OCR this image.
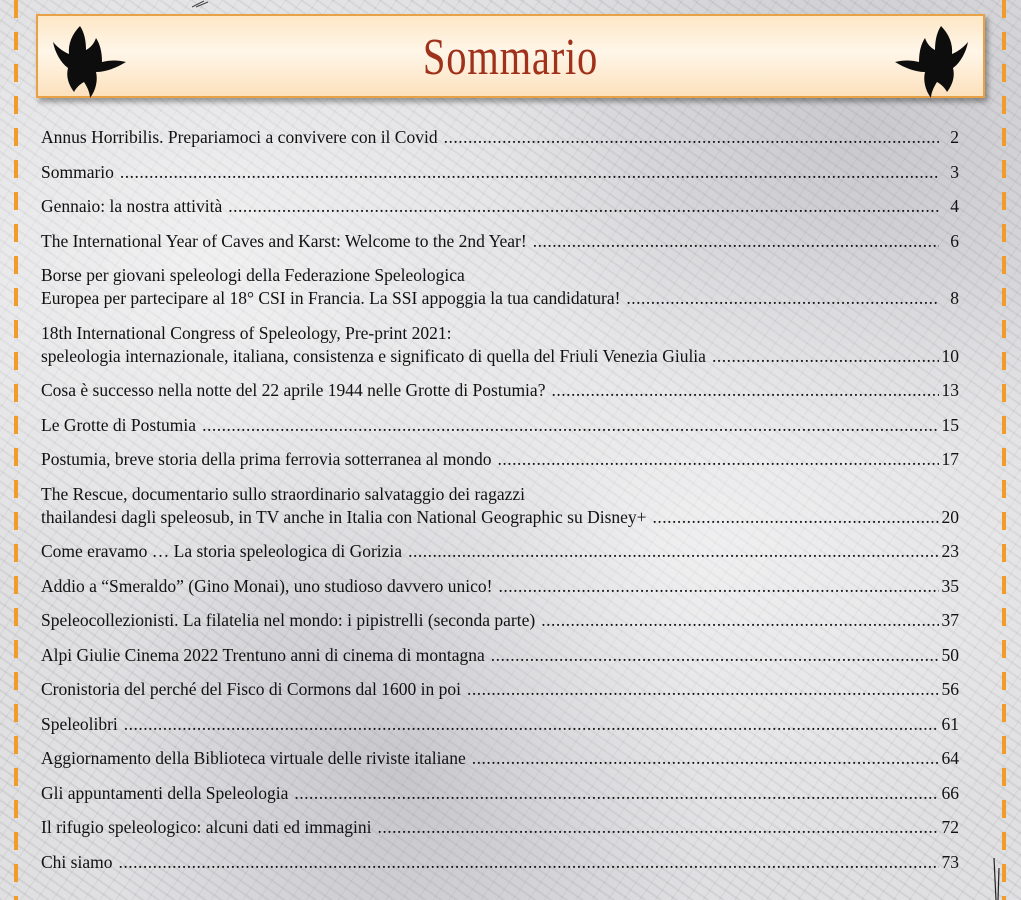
Sommario
Annus Horribilis. Prepariamoci a convivere con il Covid .....	2
Sommario .....	3
Gennaio: la nostra attività .....	4
The International Year of Caves and Karst: Welcome to the 2nd Year! .....	6
Borse per giovani speleologi della Federazione Speleologica
Europea per partecipare al 18° CSI in Francia. La SSI appoggia la tua candidatura! .....	8
18th International Congress of Speleology, Pre-print 2021:
speleologia internazionale, italiana, consistenza e significato di quella del Friuli Venezia Giulia .....	10
Cosa è successo nella notte del 22 aprile 1944 nelle Grotte di Postumia? .....	13
Le Grotte di Postumia .....	15
Postumia, breve storia della prima ferrovia sotterranea al mondo .....	17
The Rescue, documentario sullo straordinario salvataggio dei ragazzi
thailandesi dagli speleosub, in TV anche in Italia con National Geographic su Disney+ .....	20
Come eravamo … La storia speleologica di Gorizia .....	23
Addio a “Smeraldo” (Gino Monai), uno studioso davvero unico! .....	35
Speleocollezionisti. La filatelia nel mondo: i pipistrelli (seconda parte) .....	37
Alpi Giulie Cinema 2022 Trentuno anni di cinema di montagna .....	50
Cronistoria del perché del Fisco di Cormons dal 1600 in poi .....	56
Speleolibri .....	61
Aggiornamento della Biblioteca virtuale delle riviste italiane .....	64
Gli appuntamenti della Speleologia .....	66
Il rifugio speleologico: alcuni dati ed immagini .....	72
Chi siamo .....	73
